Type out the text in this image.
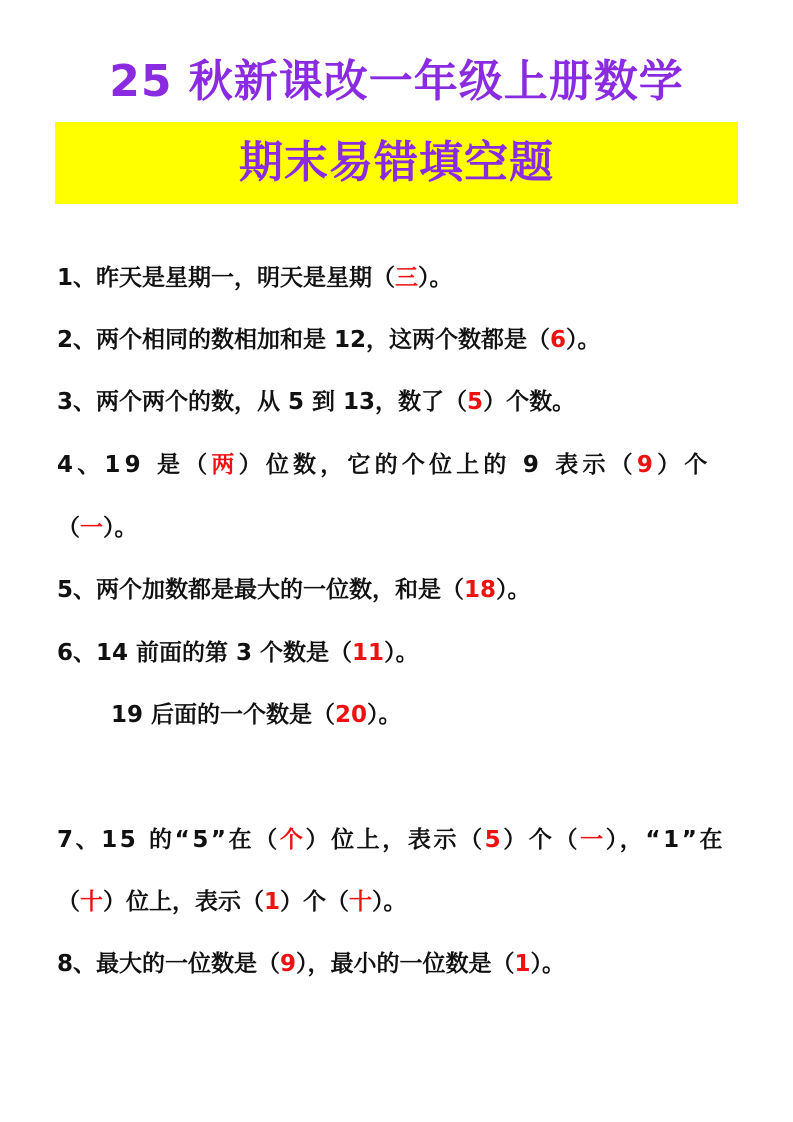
25 秋新课改一年级上册数学
期末易错填空题
1、昨天是星期一，明天是星期（三）。
2、两个相同的数相加和是 12，这两个数都是（6）。
3、两个两个的数，从 5 到 13，数了（5）个数。
4、19 是（两）位数，它的个位上的 9 表示（9）个
（一）。
5、两个加数都是最大的一位数，和是（18）。
6、14 前面的第 3 个数是（11）。
19 后面的一个数是（20）。
7、15 的“5”在（个）位上，表示（5）个（一），“1”在
（十）位上，表示（1）个（十）。
8、最大的一位数是（9），最小的一位数是（1）。
